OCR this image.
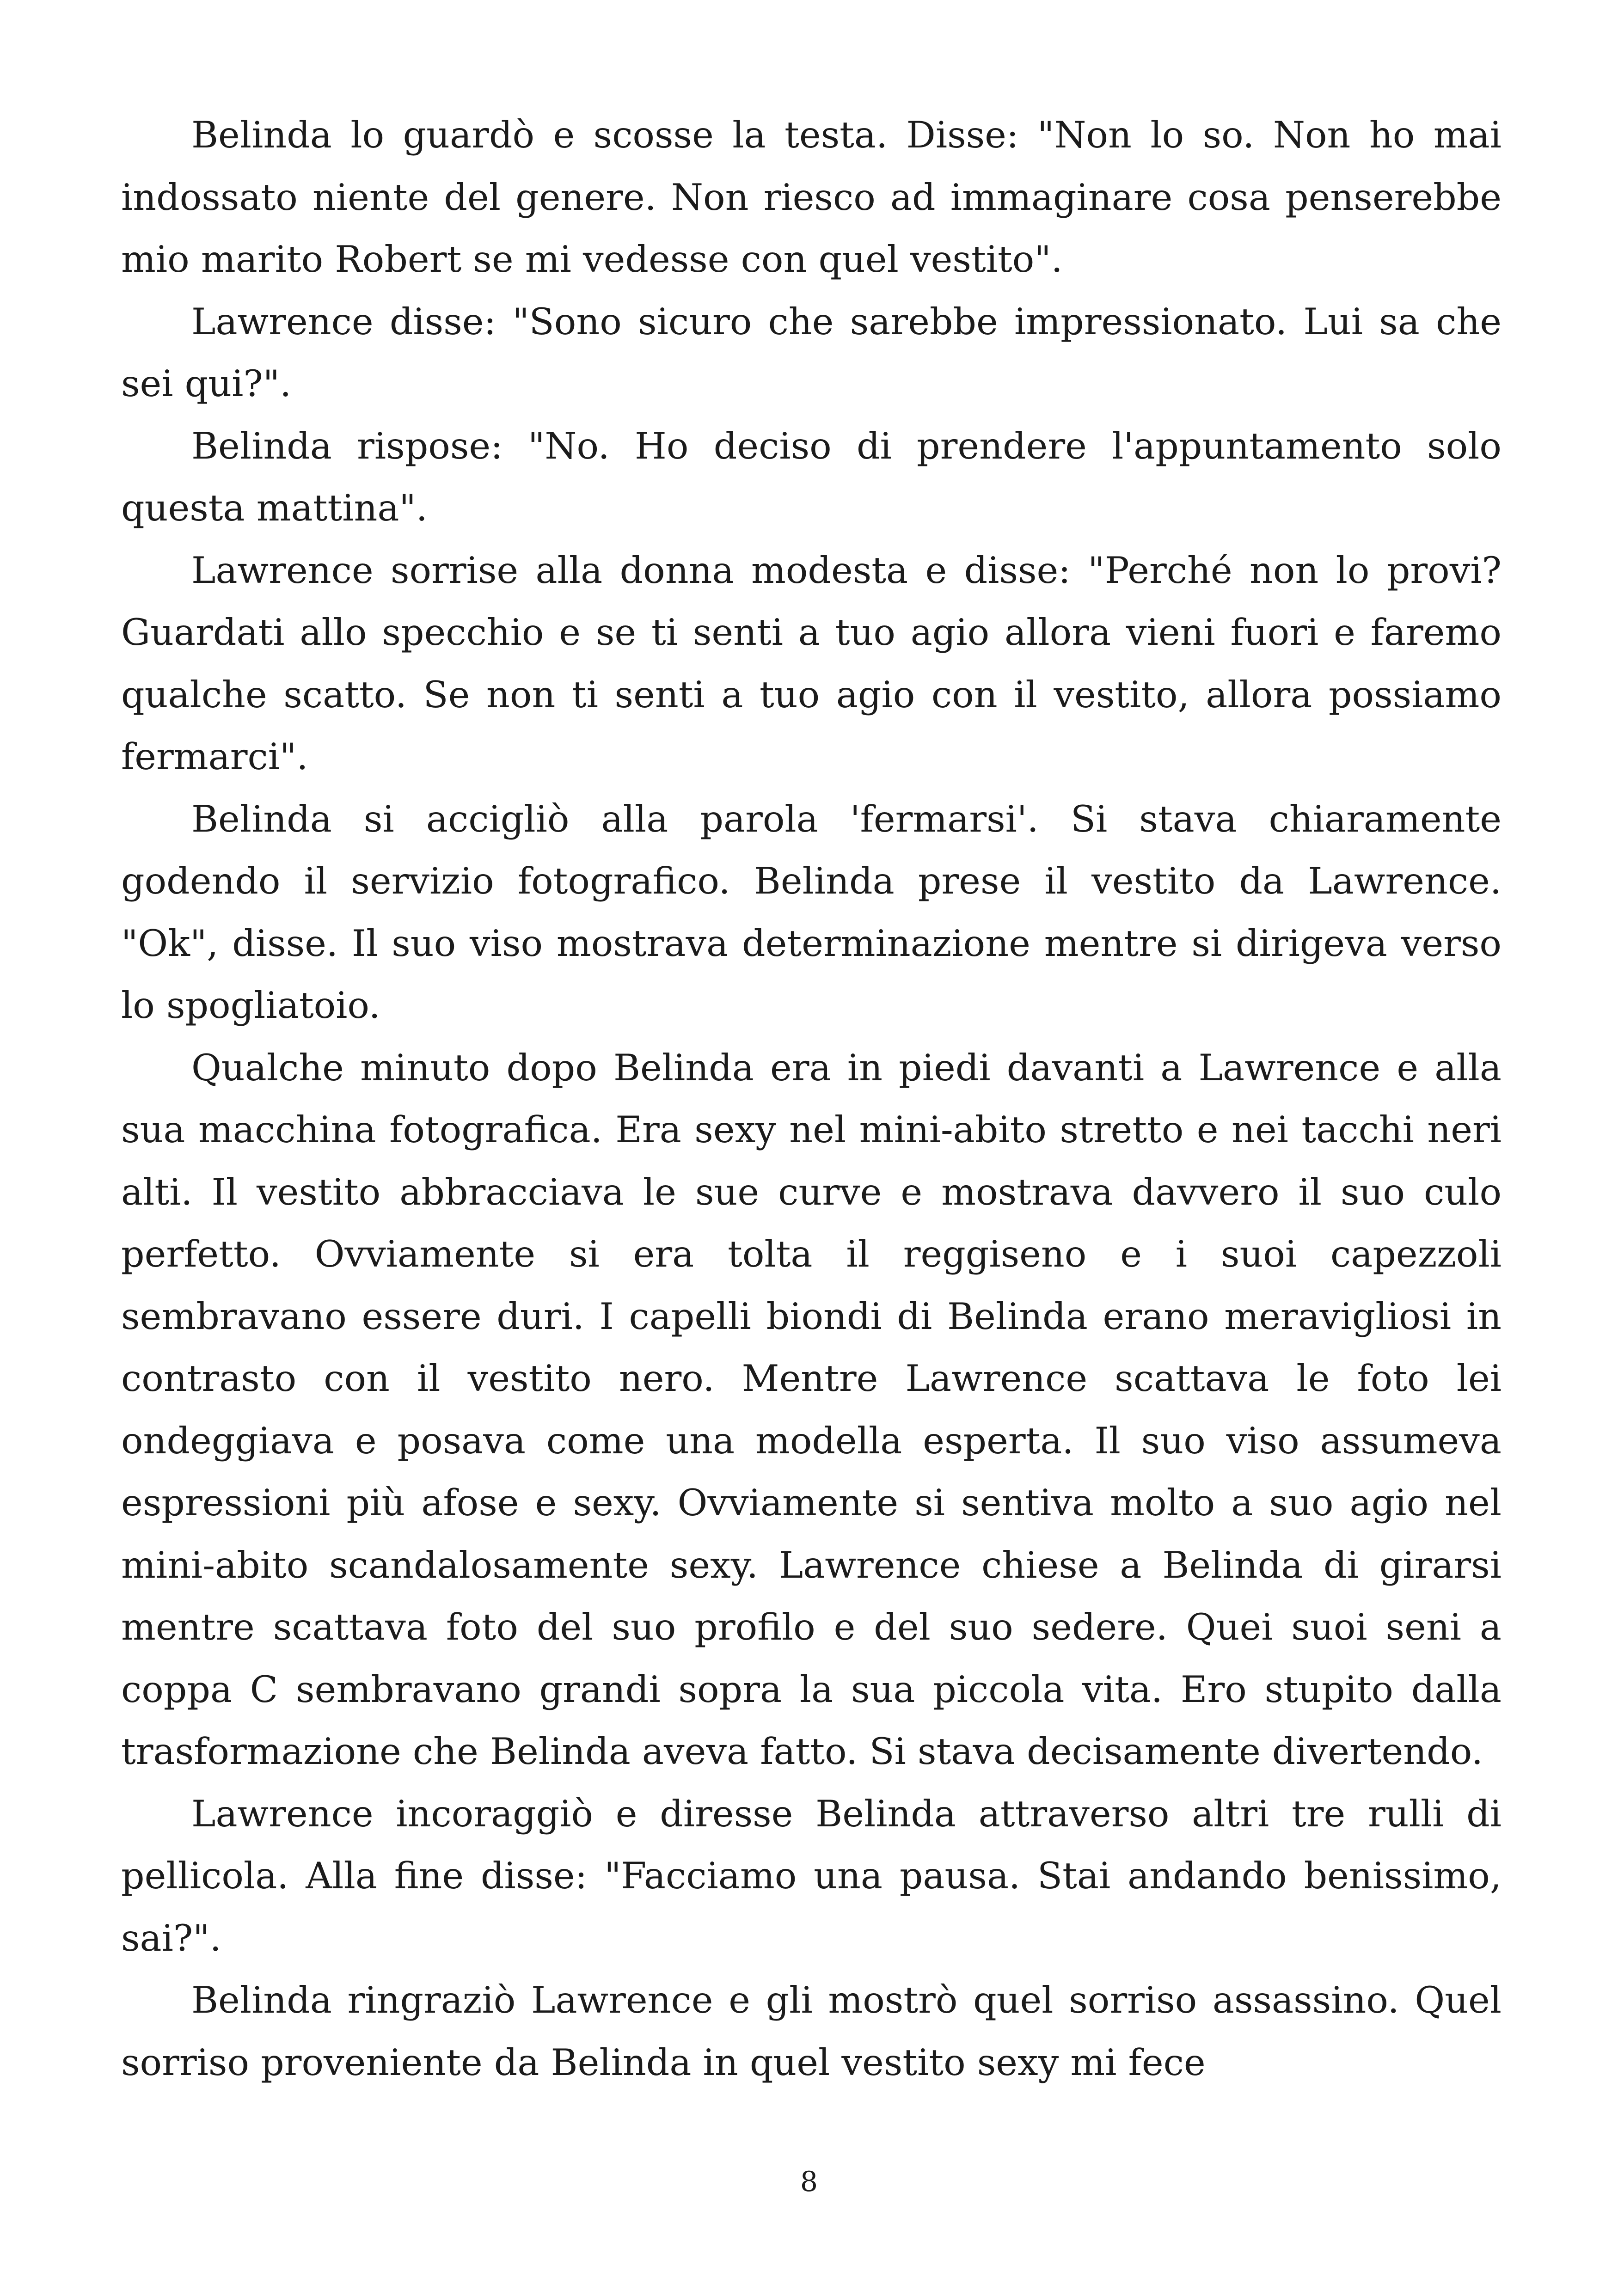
Belinda lo guardò e scosse la testa. Disse: "Non lo so. Non ho mai indossato niente del genere. Non riesco ad immaginare cosa penserebbe mio marito Robert se mi vedesse con quel vestito".

Lawrence disse: "Sono sicuro che sarebbe impressionato. Lui sa che sei qui?".

Belinda rispose: "No. Ho deciso di prendere l'appuntamento solo questa mattina".

Lawrence sorrise alla donna modesta e disse: "Perché non lo provi? Guardati allo specchio e se ti senti a tuo agio allora vieni fuori e faremo qualche scatto. Se non ti senti a tuo agio con il vestito, allora possiamo fermarci".

Belinda si accigliò alla parola 'fermarsi'. Si stava chiaramente godendo il servizio fotografico. Belinda prese il vestito da Lawrence. "Ok", disse. Il suo viso mostrava determinazione mentre si dirigeva verso lo spogliatoio.

Qualche minuto dopo Belinda era in piedi davanti a Lawrence e alla sua macchina fotografica. Era sexy nel mini-abito stretto e nei tacchi neri alti. Il vestito abbracciava le sue curve e mostrava davvero il suo culo perfetto. Ovviamente si era tolta il reggiseno e i suoi capezzoli sembravano essere duri. I capelli biondi di Belinda erano meravigliosi in contrasto con il vestito nero. Mentre Lawrence scattava le foto lei ondeggiava e posava come una modella esperta. Il suo viso assumeva espressioni più afose e sexy. Ovviamente si sentiva molto a suo agio nel mini-abito scandalosamente sexy. Lawrence chiese a Belinda di girarsi mentre scattava foto del suo profilo e del suo sedere. Quei suoi seni a coppa C sembravano grandi sopra la sua piccola vita. Ero stupito dalla trasformazione che Belinda aveva fatto. Si stava decisamente divertendo.

Lawrence incoraggiò e diresse Belinda attraverso altri tre rulli di pellicola. Alla fine disse: "Facciamo una pausa. Stai andando benissimo, sai?".

Belinda ringraziò Lawrence e gli mostrò quel sorriso assassino. Quel sorriso proveniente da Belinda in quel vestito sexy mi fece

8
